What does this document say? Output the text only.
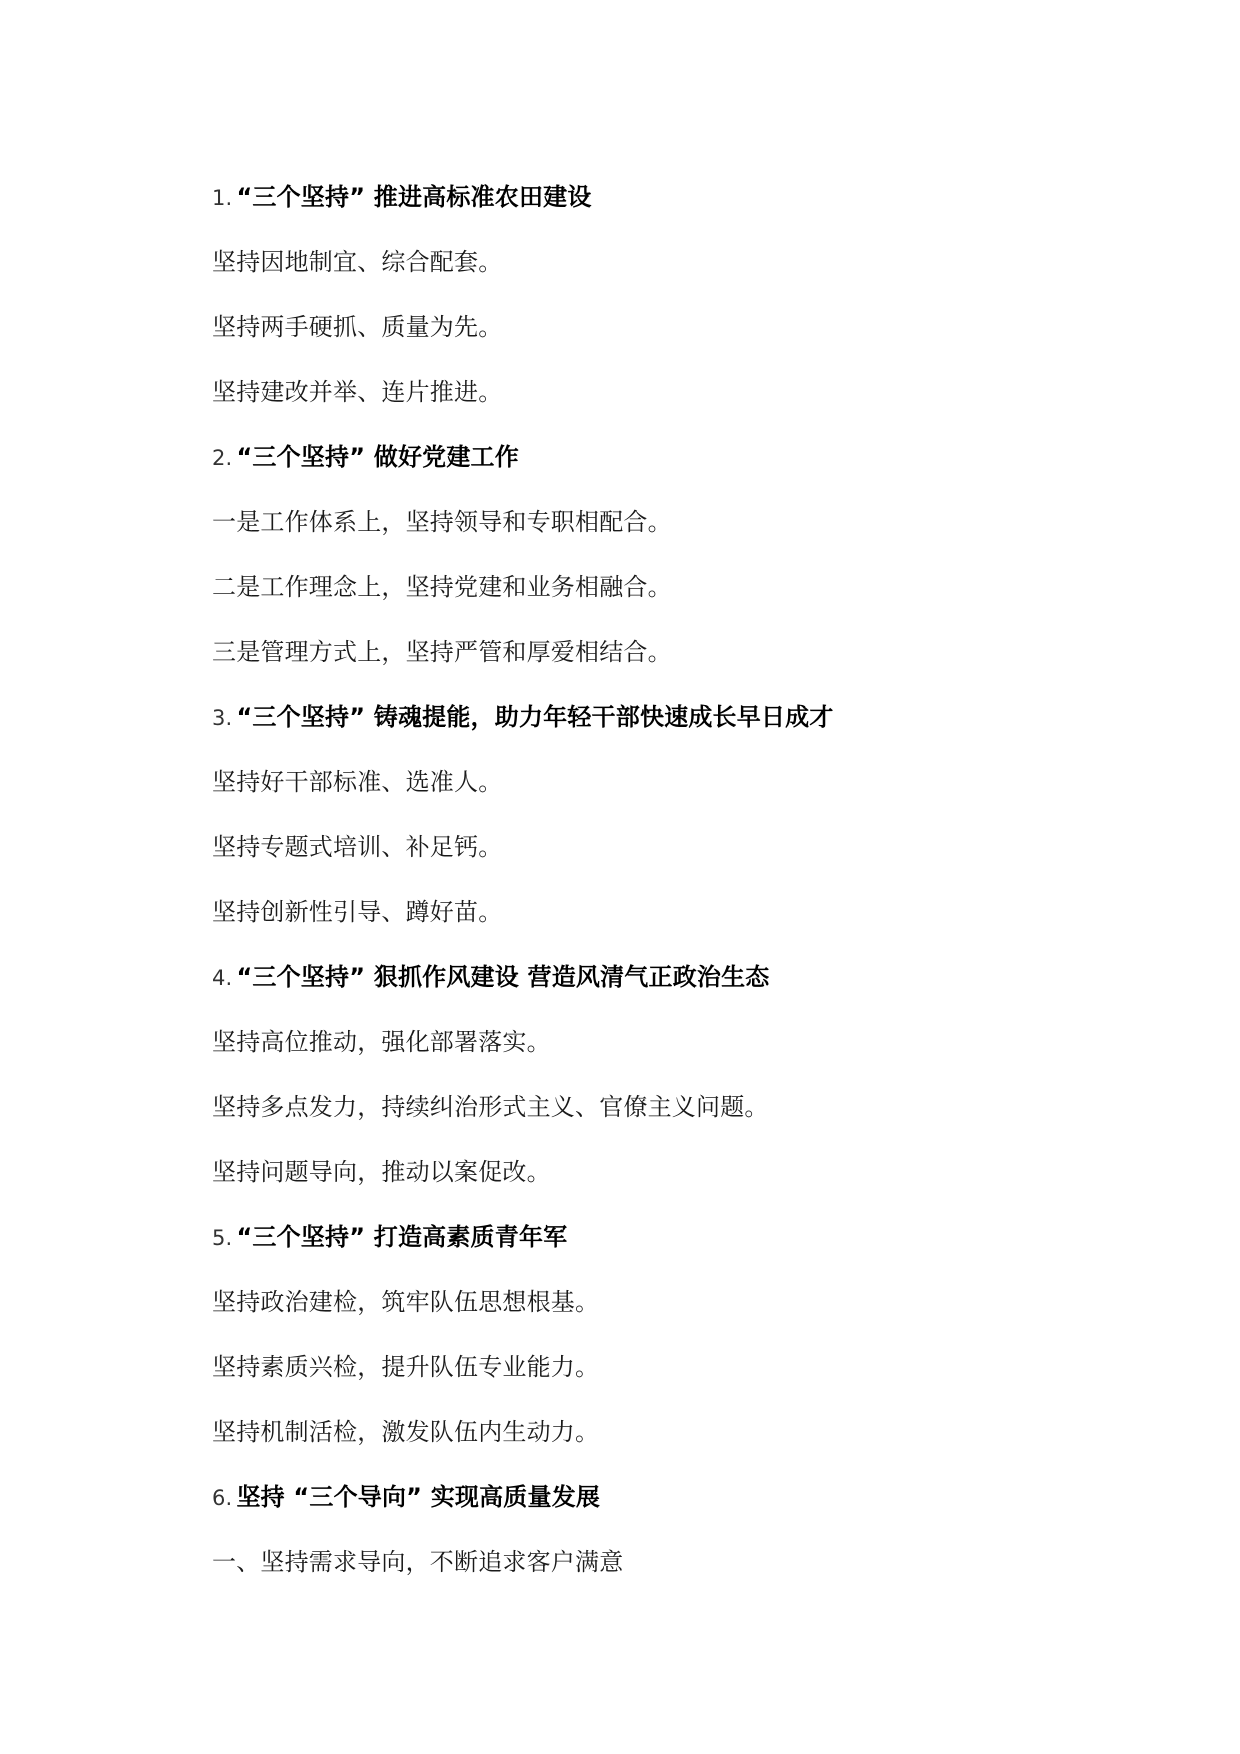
1. “三个坚持” 推进高标准农田建设
坚持因地制宜、综合配套。
坚持两手硬抓、质量为先。
坚持建改并举、连片推进。
2. “三个坚持” 做好党建工作
一是工作体系上，坚持领导和专职相配合。
二是工作理念上，坚持党建和业务相融合。
三是管理方式上，坚持严管和厚爱相结合。
3. “三个坚持” 铸魂提能，助力年轻干部快速成长早日成才
坚持好干部标准、选准人。
坚持专题式培训、补足钙。
坚持创新性引导、蹲好苗。
4. “三个坚持” 狠抓作风建设 营造风清气正政治生态
坚持高位推动，强化部署落实。
坚持多点发力，持续纠治形式主义、官僚主义问题。
坚持问题导向，推动以案促改。
5. “三个坚持” 打造高素质青年军
坚持政治建检，筑牢队伍思想根基。
坚持素质兴检，提升队伍专业能力。
坚持机制活检，激发队伍内生动力。
6. 坚持 “三个导向” 实现高质量发展
一、坚持需求导向，不断追求客户满意
